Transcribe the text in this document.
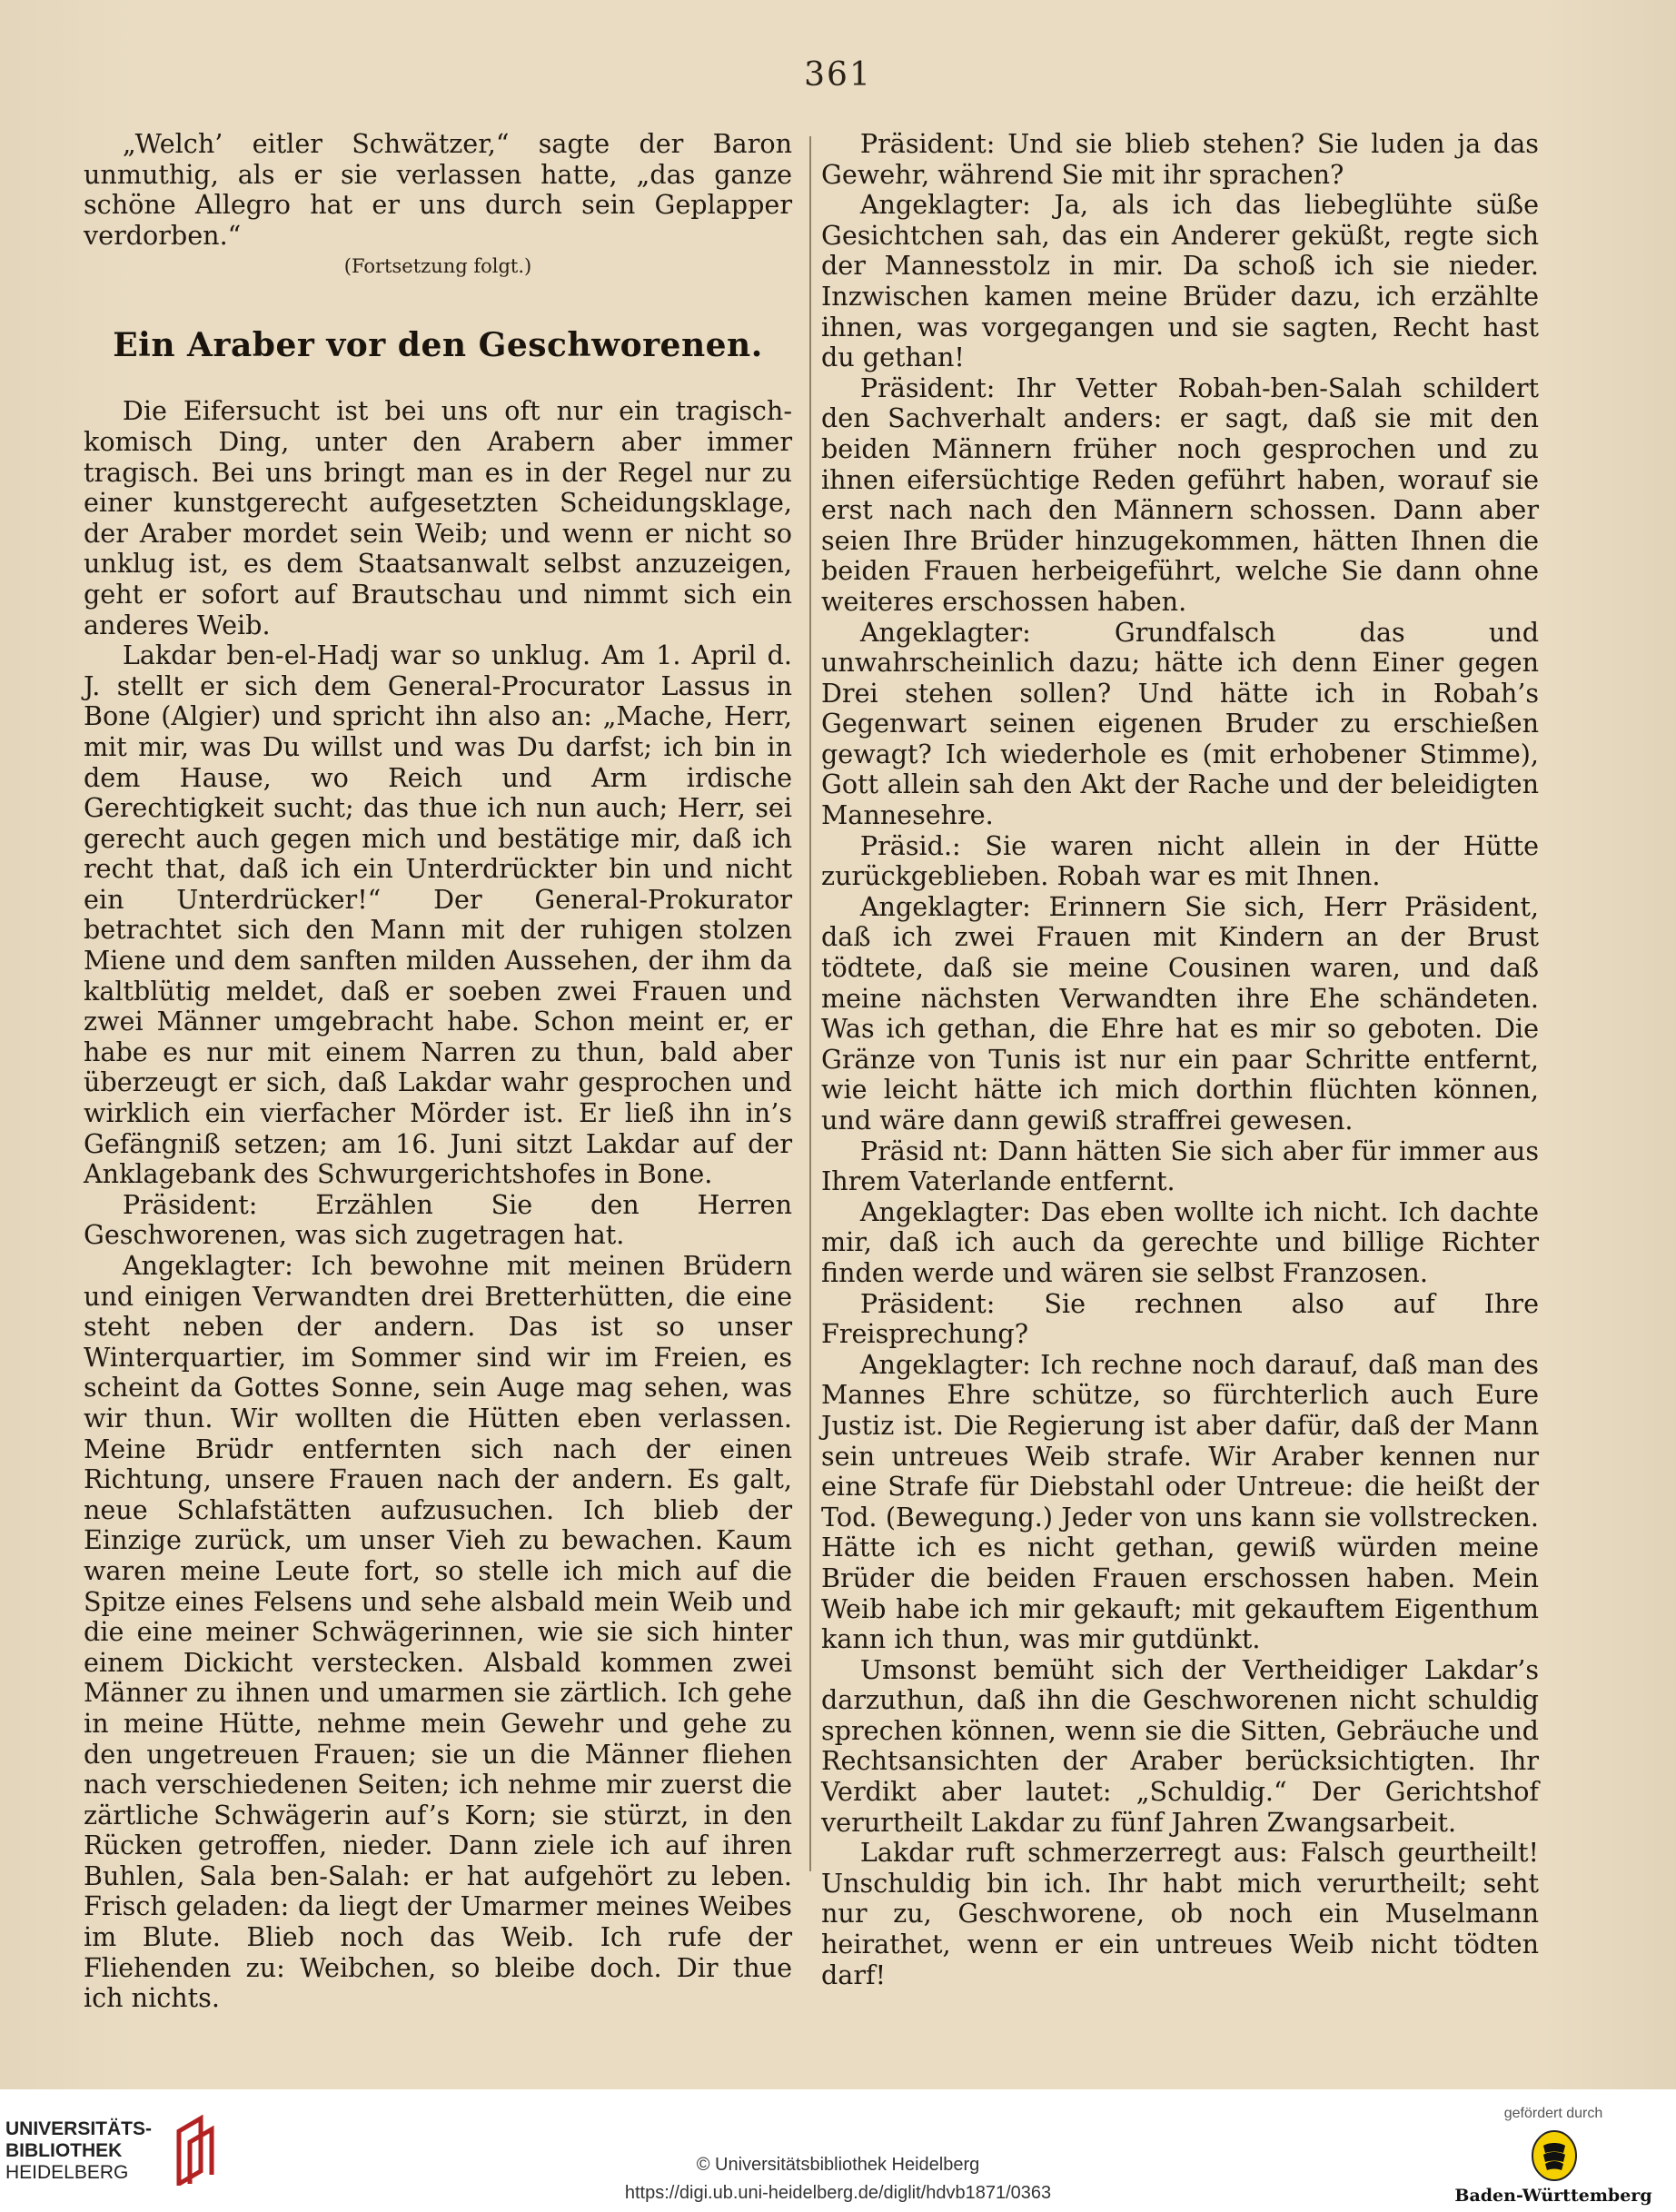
361

„Welch’ eitler Schwätzer,“ sagte der Baron unmuthig, als er sie verlassen hatte, „das ganze schöne Allegro hat er uns durch sein Geplapper verdorben.“

(Fortsetzung folgt.)
Ein Araber vor den Geschworenen.

Die Eifersucht ist bei uns oft nur ein tragisch-komisch Ding, unter den Arabern aber immer tragisch. Bei uns bringt man es in der Regel nur zu einer kunstgerecht aufgesetzten Scheidungsklage, der Araber mordet sein Weib; und wenn er nicht so unklug ist, es dem Staatsanwalt selbst anzuzeigen, geht er sofort auf Brautschau und nimmt sich ein anderes Weib.

Lakdar ben-el-Hadj war so unklug. Am 1. April d. J. stellt er sich dem General-Procurator Lassus in Bone (Algier) und spricht ihn also an: „Mache, Herr, mit mir, was Du willst und was Du darfst; ich bin in dem Hause, wo Reich und Arm irdische Gerechtigkeit sucht; das thue ich nun auch; Herr, sei gerecht auch gegen mich und bestätige mir, daß ich recht that, daß ich ein Unterdrückter bin und nicht ein Unterdrücker!“ Der General-Prokurator betrachtet sich den Mann mit der ruhigen stolzen Miene und dem sanften milden Aussehen, der ihm da kaltblütig meldet, daß er soeben zwei Frauen und zwei Männer umgebracht habe. Schon meint er, er habe es nur mit einem Narren zu thun, bald aber überzeugt er sich, daß Lakdar wahr gesprochen und wirklich ein vierfacher Mörder ist. Er ließ ihn in’s Gefängniß setzen; am 16. Juni sitzt Lakdar auf der Anklagebank des Schwurgerichtshofes in Bone.

Präsident: Erzählen Sie den Herren Geschworenen, was sich zugetragen hat.

Angeklagter: Ich bewohne mit meinen Brüdern und einigen Verwandten drei Bretterhütten, die eine steht neben der andern. Das ist so unser Winterquartier, im Sommer sind wir im Freien, es scheint da Gottes Sonne, sein Auge mag sehen, was wir thun. Wir wollten die Hütten eben verlassen. Meine Brüdr entfernten sich nach der einen Richtung, unsere Frauen nach der andern. Es galt, neue Schlafstätten aufzusuchen. Ich blieb der Einzige zurück, um unser Vieh zu bewachen. Kaum waren meine Leute fort, so stelle ich mich auf die Spitze eines Felsens und sehe alsbald mein Weib und die eine meiner Schwägerinnen, wie sie sich hinter einem Dickicht verstecken. Alsbald kommen zwei Männer zu ihnen und umarmen sie zärtlich. Ich gehe in meine Hütte, nehme mein Gewehr und gehe zu den ungetreuen Frauen; sie un die Männer fliehen nach verschiedenen Seiten; ich nehme mir zuerst die zärtliche Schwägerin auf’s Korn; sie stürzt, in den Rücken getroffen, nieder. Dann ziele ich auf ihren Buhlen, Sala ben-Salah: er hat aufgehört zu leben. Frisch geladen: da liegt der Umarmer meines Weibes im Blute. Blieb noch das Weib. Ich rufe der Fliehenden zu: Weibchen, so bleibe doch. Dir thue ich nichts.

Präsident: Und sie blieb stehen? Sie luden ja das Gewehr, während Sie mit ihr sprachen?

Angeklagter: Ja, als ich das liebeglühte süße Gesichtchen sah, das ein Anderer geküßt, regte sich der Mannesstolz in mir. Da schoß ich sie nieder. Inzwischen kamen meine Brüder dazu, ich erzählte ihnen, was vorgegangen und sie sagten, Recht hast du gethan!

Präsident: Ihr Vetter Robah-ben-Salah schildert den Sachverhalt anders: er sagt, daß sie mit den beiden Männern früher noch gesprochen und zu ihnen eifersüchtige Reden geführt haben, worauf sie erst nach nach den Männern schossen. Dann aber seien Ihre Brüder hinzugekommen, hätten Ihnen die beiden Frauen herbeigeführt, welche Sie dann ohne weiteres erschossen haben.

Angeklagter: Grundfalsch das und unwahrscheinlich dazu; hätte ich denn Einer gegen Drei stehen sollen? Und hätte ich in Robah’s Gegenwart seinen eigenen Bruder zu erschießen gewagt? Ich wiederhole es (mit erhobener Stimme), Gott allein sah den Akt der Rache und der beleidigten Mannesehre.

Präsid.: Sie waren nicht allein in der Hütte zurückgeblieben. Robah war es mit Ihnen.

Angeklagter: Erinnern Sie sich, Herr Präsident, daß ich zwei Frauen mit Kindern an der Brust tödtete, daß sie meine Cousinen waren, und daß meine nächsten Verwandten ihre Ehe schändeten. Was ich gethan, die Ehre hat es mir so geboten. Die Gränze von Tunis ist nur ein paar Schritte entfernt, wie leicht hätte ich mich dorthin flüchten können, und wäre dann gewiß straffrei gewesen.

Präsid nt: Dann hätten Sie sich aber für immer aus Ihrem Vaterlande entfernt.

Angeklagter: Das eben wollte ich nicht. Ich dachte mir, daß ich auch da gerechte und billige Richter finden werde und wären sie selbst Franzosen.

Präsident: Sie rechnen also auf Ihre Freisprechung?

Angeklagter: Ich rechne noch darauf, daß man des Mannes Ehre schütze, so fürchterlich auch Eure Justiz ist. Die Regierung ist aber dafür, daß der Mann sein untreues Weib strafe. Wir Araber kennen nur eine Strafe für Diebstahl oder Untreue: die heißt der Tod. (Bewegung.) Jeder von uns kann sie vollstrecken. Hätte ich es nicht gethan, gewiß würden meine Brüder die beiden Frauen erschossen haben. Mein Weib habe ich mir gekauft; mit gekauftem Eigenthum kann ich thun, was mir gutdünkt.

Umsonst bemüht sich der Vertheidiger Lakdar’s darzuthun, daß ihn die Geschworenen nicht schuldig sprechen können, wenn sie die Sitten, Gebräuche und Rechtsansichten der Araber berücksichtigten. Ihr Verdikt aber lautet: „Schuldig.“ Der Gerichtshof verurtheilt Lakdar zu fünf Jahren Zwangsarbeit.

Lakdar ruft schmerzerregt aus: Falsch geurtheilt! Unschuldig bin ich. Ihr habt mich verurtheilt; seht nur zu, Geschworene, ob noch ein Muselmann heirathet, wenn er ein untreues Weib nicht tödten darf!

UNIVERSITÄTS-
BIBLIOTHEK
HEIDELBERG	© Universitätsbibliothek Heidelberg
https://digi.ub.uni-heidelberg.de/diglit/hdvb1871/0363
gefördert durch
Baden-Württemberg
